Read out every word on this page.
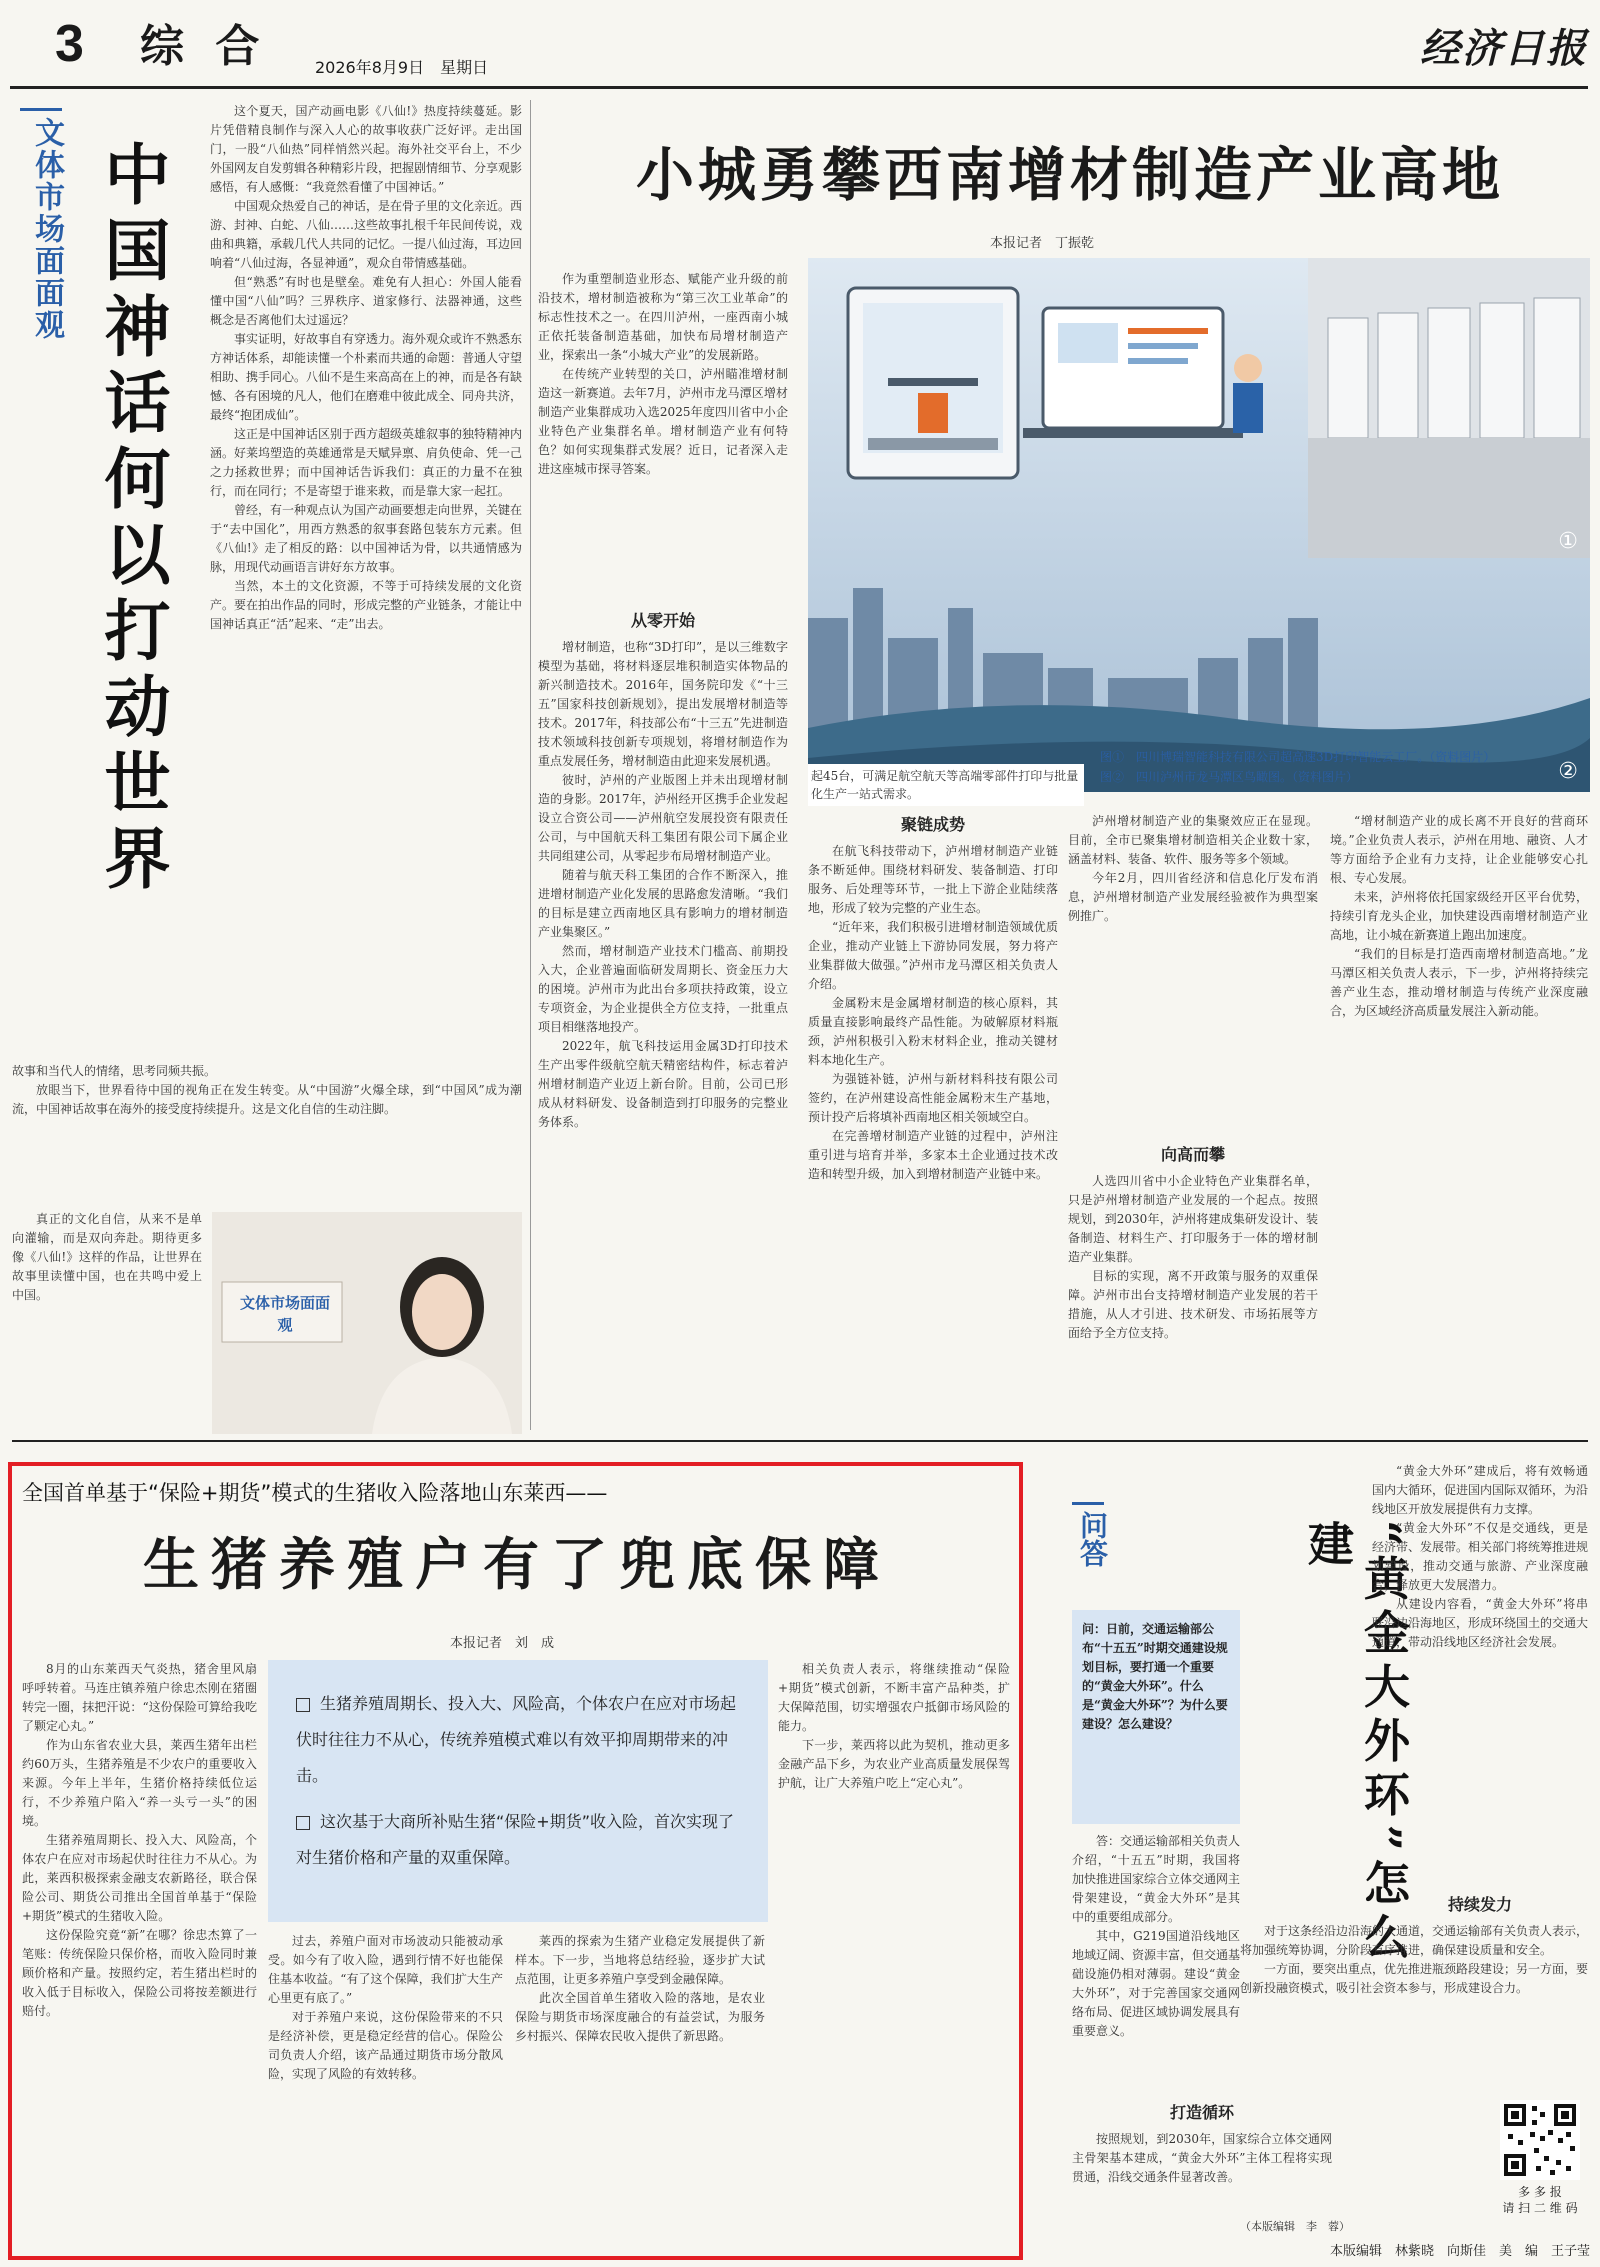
3 综 合	2026年8月9日　星期日	经济日报
文体市场面面观 中国神话何以打动世界

这个夏天，国产动画电影《八仙!》热度持续蔓延。影片凭借精良制作与深入人心的故事收获广泛好评。走出国门，一股“八仙热”同样悄然兴起。海外社交平台上，不少外国网友自发剪辑各种精彩片段，把握剧情细节、分享观影感悟，有人感慨：“我竟然看懂了中国神话。”

中国观众热爱自己的神话，是在骨子里的文化亲近。西游、封神、白蛇、八仙……这些故事扎根千年民间传说，戏曲和典籍，承载几代人共同的记忆。一提八仙过海，耳边回响着“八仙过海，各显神通”，观众自带情感基础。

但“熟悉”有时也是壁垒。难免有人担心：外国人能看懂中国“八仙”吗？三界秩序、道家修行、法器神通，这些概念是否离他们太过遥远？

事实证明，好故事自有穿透力。海外观众或许不熟悉东方神话体系，却能读懂一个朴素而共通的命题：普通人守望相助、携手同心。八仙不是生来高高在上的神，而是各有缺憾、各有困境的凡人，他们在磨难中彼此成全、同舟共济，最终“抱团成仙”。

这正是中国神话区别于西方超级英雄叙事的独特精神内涵。好莱坞塑造的英雄通常是天赋异禀、肩负使命、凭一己之力拯救世界；而中国神话告诉我们：真正的力量不在独行，而在同行；不是寄望于谁来救，而是靠大家一起扛。

曾经，有一种观点认为国产动画要想走向世界，关键在于“去中国化”，用西方熟悉的叙事套路包装东方元素。但《八仙!》走了相反的路：以中国神话为骨，以共通情感为脉，用现代动画语言讲好东方故事。

当然，本土的文化资源，不等于可持续发展的文化资产。要在拍出作品的同时，形成完整的产业链条，才能让中国神话真正“活”起来、“走”出去。

故事和当代人的情绪，思考同频共振。

放眼当下，世界看待中国的视角正在发生转变。从“中国游”火爆全球，到“中国风”成为潮流，中国神话故事在海外的接受度持续提升。这是文化自信的生动注脚。

真正的文化自信，从来不是单向灌输，而是双向奔赴。期待更多像《八仙!》这样的作品，让世界在故事里读懂中国，也在共鸣中爱上中国。	文体市场面面观
小城勇攀西南增材制造产业高地
本报记者　丁振乾

作为重塑制造业形态、赋能产业升级的前沿技术，增材制造被称为“第三次工业革命”的标志性技术之一。在四川泸州，一座西南小城正依托装备制造基础，加快布局增材制造产业，探索出一条“小城大产业”的发展新路。

在传统产业转型的关口，泸州瞄准增材制造这一新赛道。去年7月，泸州市龙马潭区增材制造产业集群成功入选2025年度四川省中小企业特色产业集群名单。增材制造产业有何特色？如何实现集群式发展？近日，记者深入走进这座城市探寻答案。

①
②
起45台，可满足航空航天等高端零部件打印与批量化生产一站式需求。
图①　四川博瑞智能科技有限公司超高速3D打印智能云工厂。（资料图片）
图②　四川泸州市龙马潭区鸟瞰图。（资料图片）
从零开始

增材制造，也称“3D打印”，是以三维数字模型为基础，将材料逐层堆积制造实体物品的新兴制造技术。2016年，国务院印发《“十三五”国家科技创新规划》，提出发展增材制造等技术。2017年，科技部公布“十三五”先进制造技术领域科技创新专项规划，将增材制造作为重点发展任务，增材制造由此迎来发展机遇。

彼时，泸州的产业版图上并未出现增材制造的身影。2017年，泸州经开区携手企业发起设立合资公司——泸州航空发展投资有限责任公司，与中国航天科工集团有限公司下属企业共同组建公司，从零起步布局增材制造产业。

随着与航天科工集团的合作不断深入，推进增材制造产业化发展的思路愈发清晰。“我们的目标是建立西南地区具有影响力的增材制造产业集聚区。”

然而，增材制造产业技术门槛高、前期投入大，企业普遍面临研发周期长、资金压力大的困境。泸州市为此出台多项扶持政策，设立专项资金，为企业提供全方位支持，一批重点项目相继落地投产。

2022年，航飞科技运用金属3D打印技术生产出零件级航空航天精密结构件，标志着泸州增材制造产业迈上新台阶。目前，公司已形成从材料研发、设备制造到打印服务的完整业务体系。

聚链成势

在航飞科技带动下，泸州增材制造产业链条不断延伸。围绕材料研发、装备制造、打印服务、后处理等环节，一批上下游企业陆续落地，形成了较为完整的产业生态。

“近年来，我们积极引进增材制造领域优质企业，推动产业链上下游协同发展，努力将产业集群做大做强。”泸州市龙马潭区相关负责人介绍。

金属粉末是金属增材制造的核心原料，其质量直接影响最终产品性能。为破解原材料瓶颈，泸州积极引入粉末材料企业，推动关键材料本地化生产。

为强链补链，泸州与新材料科技有限公司签约，在泸州建设高性能金属粉末生产基地，预计投产后将填补西南地区相关领域空白。

在完善增材制造产业链的过程中，泸州注重引进与培育并举，多家本土企业通过技术改造和转型升级，加入到增材制造产业链中来。

泸州增材制造产业的集聚效应正在显现。目前，全市已聚集增材制造相关企业数十家，涵盖材料、装备、软件、服务等多个领域。

今年2月，四川省经济和信息化厅发布消息，泸州增材制造产业发展经验被作为典型案例推广。

向高而攀

人选四川省中小企业特色产业集群名单，只是泸州增材制造产业发展的一个起点。按照规划，到2030年，泸州将建成集研发设计、装备制造、材料生产、打印服务于一体的增材制造产业集群。

目标的实现，离不开政策与服务的双重保障。泸州市出台支持增材制造产业发展的若干措施，从人才引进、技术研发、市场拓展等方面给予全方位支持。

“增材制造产业的成长离不开良好的营商环境。”企业负责人表示，泸州在用地、融资、人才等方面给予企业有力支持，让企业能够安心扎根、专心发展。

未来，泸州将依托国家级经开区平台优势，持续引育龙头企业，加快建设西南增材制造产业高地，让小城在新赛道上跑出加速度。

“我们的目标是打造西南增材制造高地。”龙马潭区相关负责人表示，下一步，泸州将持续完善产业生态，推动增材制造与传统产业深度融合，为区域经济高质量发展注入新动能。

全国首单基于“保险+期货”模式的生猪收入险落地山东莱西——
生猪养殖户有了兜底保障
本报记者　刘　成

8月的山东莱西天气炎热，猪舍里风扇呼呼转着。马连庄镇养殖户徐忠杰刚在猪圈转完一圈，抹把汗说：“这份保险可算给我吃了颗定心丸。”

作为山东省农业大县，莱西生猪年出栏约60万头，生猪养殖是不少农户的重要收入来源。今年上半年，生猪价格持续低位运行，不少养殖户陷入“养一头亏一头”的困境。

生猪养殖周期长、投入大、风险高，个体农户在应对市场起伏时往往力不从心。为此，莱西积极探索金融支农新路径，联合保险公司、期货公司推出全国首单基于“保险+期货”模式的生猪收入险。

这份保险究竟“新”在哪？徐忠杰算了一笔账：传统保险只保价格，而收入险同时兼顾价格和产量。按照约定，若生猪出栏时的收入低于目标收入，保险公司将按差额进行赔付。

生猪养殖周期长、投入大、风险高，个体农户在应对市场起伏时往往力不从心，传统养殖模式难以有效平抑周期带来的冲击。
这次基于大商所补贴生猪“保险+期货”收入险，首次实现了对生猪价格和产量的双重保障。

过去，养殖户面对市场波动只能被动承受。如今有了收入险，遇到行情不好也能保住基本收益。“有了这个保障，我们扩大生产心里更有底了。”

对于养殖户来说，这份保险带来的不只是经济补偿，更是稳定经营的信心。保险公司负责人介绍，该产品通过期货市场分散风险，实现了风险的有效转移。

莱西的探索为生猪产业稳定发展提供了新样本。下一步，当地将总结经验，逐步扩大试点范围，让更多养殖户享受到金融保障。

此次全国首单生猪收入险的落地，是农业保险与期货市场深度融合的有益尝试，为服务乡村振兴、保障农民收入提供了新思路。

相关负责人表示，将继续推动“保险+期货”模式创新，不断丰富产品种类，扩大保障范围，切实增强农户抵御市场风险的能力。

下一步，莱西将以此为契机，推动更多金融产品下乡，为农业产业高质量发展保驾护航，让广大养殖户吃上“定心丸”。

问答
问：日前，交通运输部公布“十五五”时期交通建设规划目标，要打通一个重要的“黄金大外环”。什么是“黄金大外环”？为什么要建设？怎么建设？

答：交通运输部相关负责人介绍，“十五五”时期，我国将加快推进国家综合立体交通网主骨架建设，“黄金大外环”是其中的重要组成部分。

其中，G219国道沿线地区地域辽阔、资源丰富，但交通基础设施仍相对薄弱。建设“黄金大外环”，对于完善国家交通网络布局、促进区域协调发展具有重要意义。

打造循环

按照规划，到2030年，国家综合立体交通网主骨架基本建成，“黄金大外环”主体工程将实现贯通，沿线交通条件显著改善。

“黄金大外环”怎么建

“黄金大外环”建成后，将有效畅通国内大循环，促进国内国际双循环，为沿线地区开放发展提供有力支撑。

“黄金大外环”不仅是交通线，更是经济带、发展带。相关部门将统筹推进规划建设，推动交通与旅游、产业深度融合，释放更大发展潜力。

从建设内容看，“黄金大外环”将串联沿边沿海地区，形成环绕国土的交通大通道，带动沿线地区经济社会发展。

持续发力

对于这条经沿边沿海的大通道，交通运输部有关负责人表示，将加强统筹协调，分阶段有序推进，确保建设质量和安全。

一方面，要突出重点，优先推进瓶颈路段建设；另一方面，要创新投融资模式，吸引社会资本参与，形成建设合力。

多 多 报
请 扫 二 维 码
（本版编辑　李　蓉）
本版编辑　林紫晓　向斯佳　美　编　王子莹
